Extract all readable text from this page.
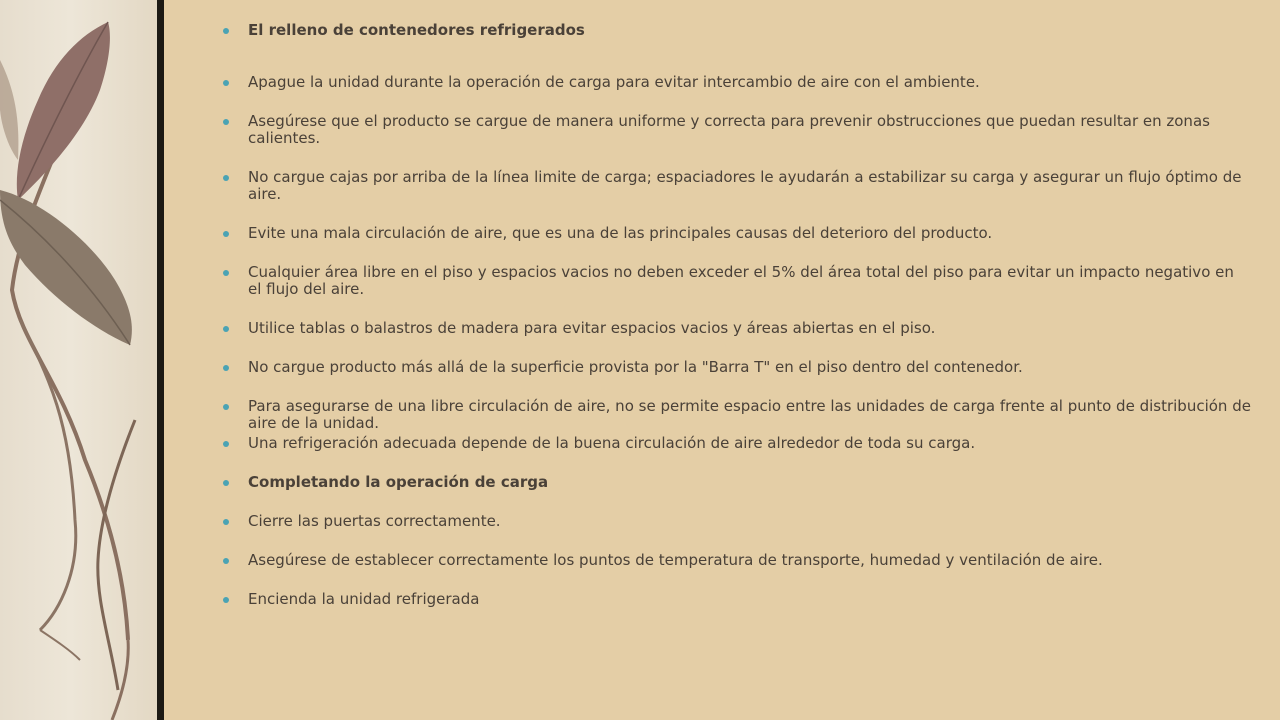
El relleno de contenedores refrigerados
Apague la unidad durante la operación de carga para evitar intercambio de aire con el ambiente.
Asegúrese que el producto se cargue de manera uniforme y correcta para prevenir obstrucciones que puedan resultar en zonas calientes.
No cargue cajas por arriba de la línea limite de carga; espaciadores le ayudarán a estabilizar su carga y asegurar un flujo óptimo de aire.
Evite una mala circulación de aire, que es una de las principales causas del deterioro del producto.
Cualquier área libre en el piso y espacios vacios no deben exceder el 5% del área total del piso para evitar un impacto negativo en el flujo del aire.
Utilice tablas o balastros de madera para evitar espacios vacios y áreas abiertas en el piso.
No cargue producto más allá de la superficie provista por la "Barra T" en el piso dentro del contenedor.
Para asegurarse de una libre circulación de aire, no se permite espacio entre las unidades de carga frente al punto de distribución de aire de la unidad.
Una refrigeración adecuada depende de la buena circulación de aire alrededor de toda su carga.
Completando la operación de carga
Cierre las puertas correctamente.
Asegúrese de establecer correctamente los puntos de temperatura de transporte, humedad y ventilación de aire.
Encienda la unidad refrigerada
